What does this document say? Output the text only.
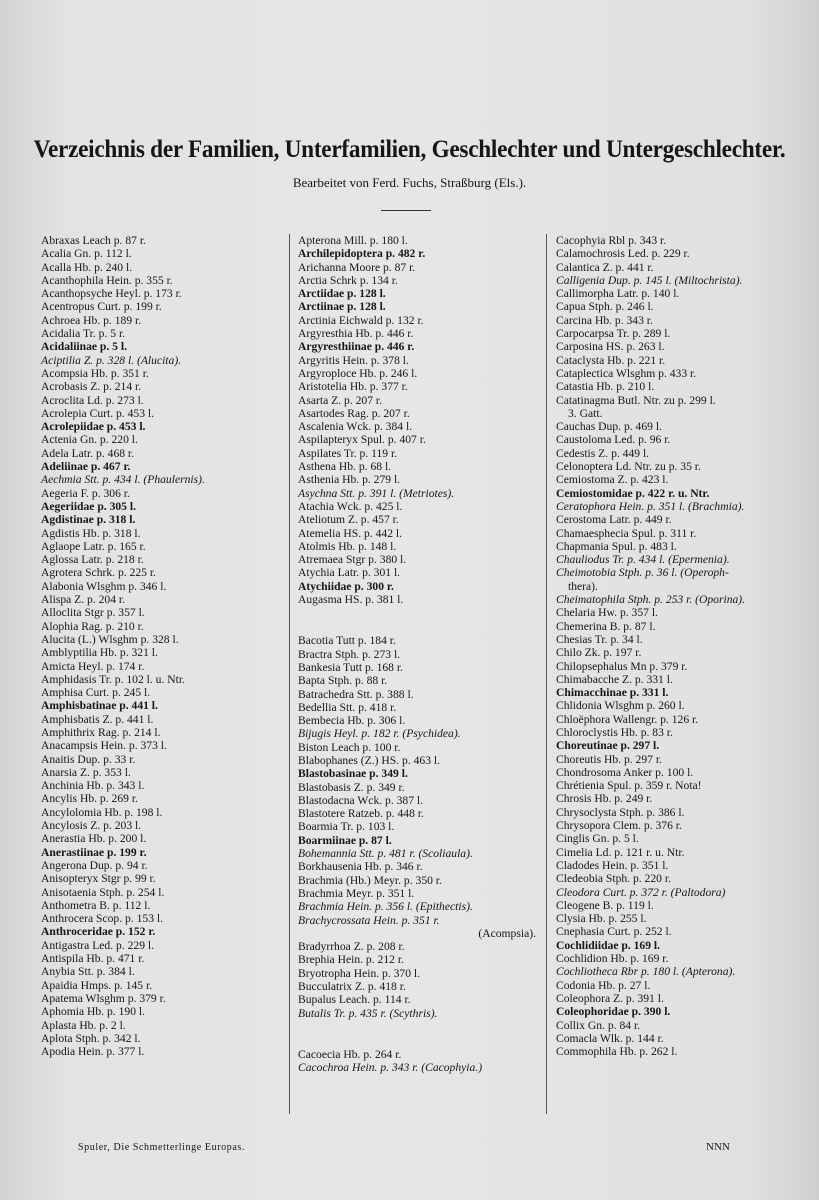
Verzeichnis der Familien, Unterfamilien, Geschlechter und Untergeschlechter.
Bearbeitet von Ferd. Fuchs, Straßburg (Els.).
Abraxas Leach p. 87 r.
Acalia Gn. p. 112 l.
Acalla Hb. p. 240 l.
Acanthophila Hein. p. 355 r.
Acanthopsyche Heyl. p. 173 r.
Acentropus Curt. p. 199 r.
Achroea Hb. p. 189 r.
Acidalia Tr. p. 5 r.
Acidaliinae p. 5 l.
Aciptilia Z. p. 328 l. (Alucita).
Acompsia Hb. p. 351 r.
Acrobasis Z. p. 214 r.
Acroclita Ld. p. 273 l.
Acrolepia Curt. p. 453 l.
Acrolepiidae p. 453 l.
Actenia Gn. p. 220 l.
Adela Latr. p. 468 r.
Adeliinae p. 467 r.
Aechmia Stt. p. 434 l. (Phaulernis).
Aegeria F. p. 306 r.
Aegeriidae p. 305 l.
Agdistinae p. 318 l.
Agdistis Hb. p. 318 l.
Aglaope Latr. p. 165 r.
Aglossa Latr. p. 218 r.
Agrotera Schrk. p. 225 r.
Alabonia Wlsghm p. 346 l.
Alispa Z. p. 204 r.
Alloclita Stgr p. 357 l.
Alophia Rag. p. 210 r.
Alucita (L.) Wlsghm p. 328 l.
Amblyptilia Hb. p. 321 l.
Amicta Heyl. p. 174 r.
Amphidasis Tr. p. 102 l. u. Ntr.
Amphisa Curt. p. 245 l.
Amphisbatinae p. 441 l.
Amphisbatis Z. p. 441 l.
Amphithrix Rag. p. 214 l.
Anacampsis Hein. p. 373 l.
Anaitis Dup. p. 33 r.
Anarsia Z. p. 353 l.
Anchinia Hb. p. 343 l.
Ancylis Hb. p. 269 r.
Ancylolomia Hb. p. 198 l.
Ancylosis Z. p. 203 l.
Anerastia Hb. p. 200 l.
Anerastiinae p. 199 r.
Angerona Dup. p. 94 r.
Anisopteryx Stgr p. 99 r.
Anisotaenia Stph. p. 254 l.
Anthometra B. p. 112 l.
Anthrocera Scop. p. 153 l.
Anthroceridae p. 152 r.
Antigastra Led. p. 229 l.
Antispila Hb. p. 471 r.
Anybia Stt. p. 384 l.
Apaidia Hmps. p. 145 r.
Apatema Wlsghm p. 379 r.
Aphomia Hb. p. 190 l.
Aplasta Hb. p. 2 l.
Aplota Stph. p. 342 l.
Apodia Hein. p. 377 l.
Apterona Mill. p. 180 l.
Archilepidoptera p. 482 r.
Arichanna Moore p. 87 r.
Arctia Schrk p. 134 r.
Arctiidae p. 128 l.
Arctiinae p. 128 l.
Arctinia Eichwald p. 132 r.
Argyresthia Hb. p. 446 r.
Argyresthiinae p. 446 r.
Argyritis Hein. p. 378 l.
Argyroploce Hb. p. 246 l.
Aristotelia Hb. p. 377 r.
Asarta Z. p. 207 r.
Asartodes Rag. p. 207 r.
Ascalenia Wck. p. 384 l.
Aspilapteryx Spul. p. 407 r.
Aspilates Tr. p. 119 r.
Asthena Hb. p. 68 l.
Asthenia Hb. p. 279 l.
Asychna Stt. p. 391 l. (Metriotes).
Atachia Wck. p. 425 l.
Ateliotum Z. p. 457 r.
Atemelia HS. p. 442 l.
Atolmis Hb. p. 148 l.
Atremaea Stgr p. 380 l.
Atychia Latr. p. 301 l.
Atychiidae p. 300 r.
Augasma HS. p. 381 l.
Bacotia Tutt p. 184 r.
Bractra Stph. p. 273 l.
Bankesia Tutt p. 168 r.
Bapta Stph. p. 88 r.
Batrachedra Stt. p. 388 l.
Bedellia Stt. p. 418 r.
Bembecia Hb. p. 306 l.
Bijugis Heyl. p. 182 r. (Psychidea).
Biston Leach p. 100 r.
Blabophanes (Z.) HS. p. 463 l.
Blastobasinae p. 349 l.
Blastobasis Z. p. 349 r.
Blastodacna Wck. p. 387 l.
Blastotere Ratzeb. p. 448 r.
Boarmia Tr. p. 103 l.
Boarmiinae p. 87 l.
Bohemannia Stt. p. 481 r. (Scoliaula).
Borkhausenia Hb. p. 346 r.
Brachmia (Hb.) Meyr. p. 350 r.
Brachmia Meyr. p. 351 l.
Brachmia Hein. p. 356 l. (Epithectis).
Brachycrossata Hein. p. 351 r.
(Acompsia).
Bradyrrhoa Z. p. 208 r.
Brephia Hein. p. 212 r.
Bryotropha Hein. p. 370 l.
Bucculatrix Z. p. 418 r.
Bupalus Leach. p. 114 r.
Butalis Tr. p. 435 r. (Scythris).
Cacoecia Hb. p. 264 r.
Cacochroa Hein. p. 343 r. (Cacophyia.)
Cacophyia Rbl p. 343 r.
Calamochrosis Led. p. 229 r.
Calantica Z. p. 441 r.
Calligenia Dup. p. 145 l. (Miltochrista).
Callimorpha Latr. p. 140 l.
Capua Stph. p. 246 l.
Carcina Hb. p. 343 r.
Carpocarpsa Tr. p. 289 l.
Carposina HS. p. 263 l.
Cataclysta Hb. p. 221 r.
Cataplectica Wlsghm p. 433 r.
Catastia Hb. p. 210 l.
Catatinagma Butl. Ntr. zu p. 299 l.
3. Gatt.
Cauchas Dup. p. 469 l.
Caustoloma Led. p. 96 r.
Cedestis Z. p. 449 l.
Celonoptera Ld. Ntr. zu p. 35 r.
Cemiostoma Z. p. 423 l.
Cemiostomidae p. 422 r. u. Ntr.
Ceratophora Hein. p. 351 l. (Brachmia).
Cerostoma Latr. p. 449 r.
Chamaesphecia Spul. p. 311 r.
Chapmania Spul. p. 483 l.
Chauliodus Tr. p. 434 l. (Epermenia).
Cheimotobia Stph. p. 36 l. (Operoph-
thera).
Cheimatophila Stph. p. 253 r. (Oporina).
Chelaria Hw. p. 357 l.
Chemerina B. p. 87 l.
Chesias Tr. p. 34 l.
Chilo Zk. p. 197 r.
Chilopsephalus Mn p. 379 r.
Chimabacche Z. p. 331 l.
Chimacchinae p. 331 l.
Chlidonia Wlsghm p. 260 l.
Chloëphora Wallengr. p. 126 r.
Chloroclystis Hb. p. 83 r.
Choreutinae p. 297 l.
Choreutis Hb. p. 297 r.
Chondrosoma Anker p. 100 l.
Chrétienia Spul. p. 359 r. Nota!
Chrosis Hb. p. 249 r.
Chrysoclysta Stph. p. 386 l.
Chrysopora Clem. p. 376 r.
Cinglis Gn. p. 5 l.
Cimelia Ld. p. 121 r. u. Ntr.
Cladodes Hein. p. 351 l.
Cledeobia Stph. p. 220 r.
Cleodora Curt. p. 372 r. (Paltodora)
Cleogene B. p. 119 l.
Clysia Hb. p. 255 l.
Cnephasia Curt. p. 252 l.
Cochlidiidae p. 169 l.
Cochlidion Hb. p. 169 r.
Cochliotheca Rbr p. 180 l. (Apterona).
Codonia Hb. p. 27 l.
Coleophora Z. p. 391 l.
Coleophoridae p. 390 l.
Collix Gn. p. 84 r.
Comacla Wlk. p. 144 r.
Commophila Hb. p. 262 l.
Spuler, Die Schmetterlinge Europas.	NNN
